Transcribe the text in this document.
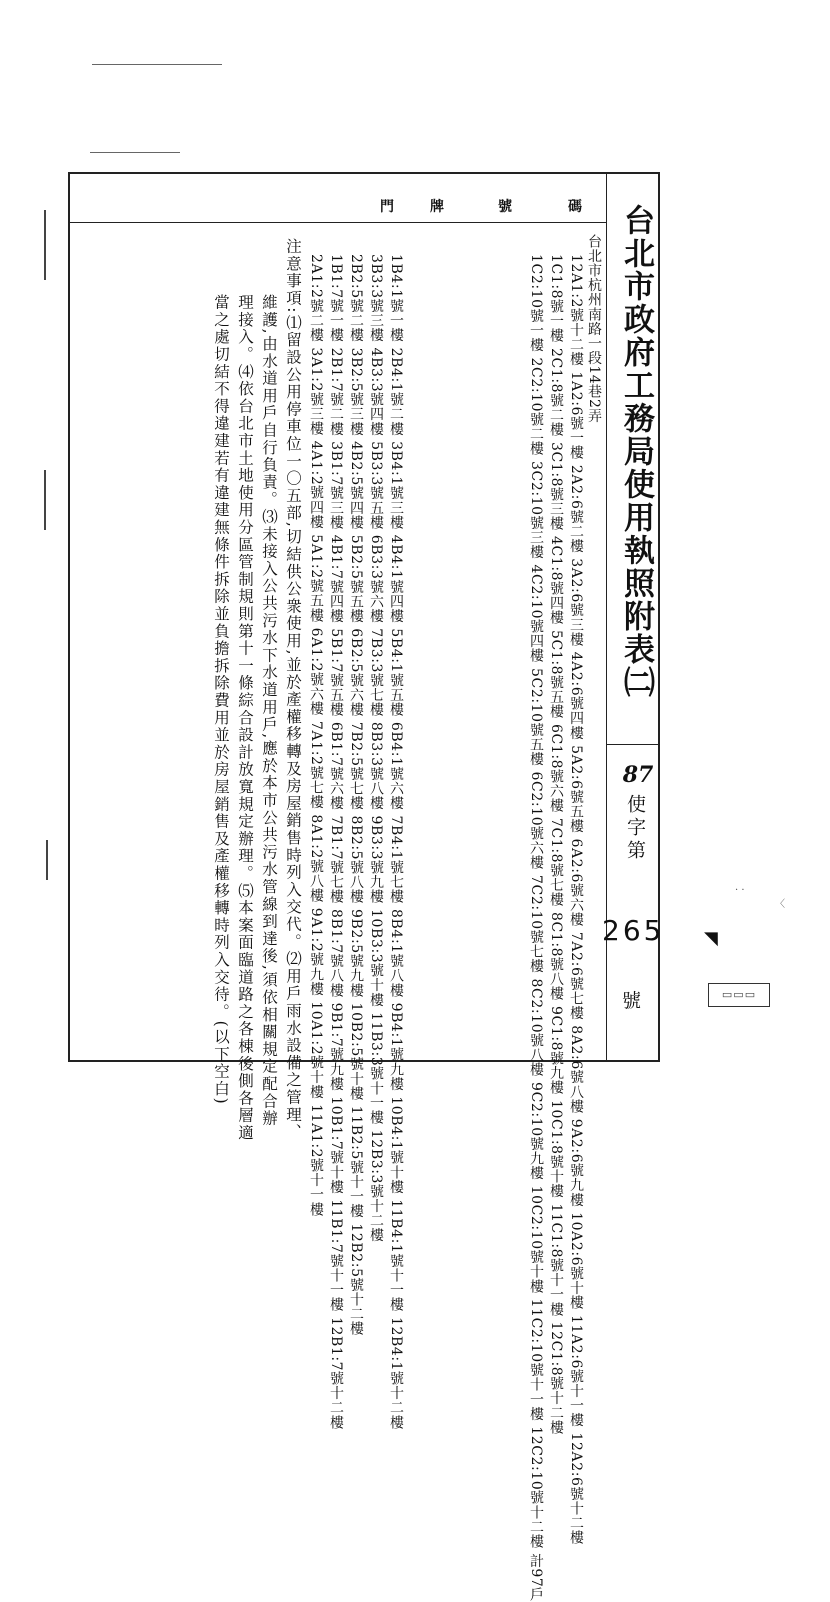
碼
號
牌
門	台北市政府工務局使用執照附表㈡
87
使字第
265
號
台北市杭州南路一段14巷2弄
1B4:1號一樓 2B4:1號二樓 3B4:1號三樓 4B4:1號四樓 5B4:1號五樓 6B4:1號六樓 7B4:1號七樓 8B4:1號八樓 9B4:1號九樓 10B4:1號十樓 11B4:1號十一樓 12B4:1號十二樓
3B3:3號三樓 4B3:3號四樓 5B3:3號五樓 6B3:3號六樓 7B3:3號七樓 8B3:3號八樓 9B3:3號九樓 10B3:3號十樓 11B3:3號十一樓 12B3:3號十二樓
2B2:5號二樓 3B2:5號三樓 4B2:5號四樓 5B2:5號五樓 6B2:5號六樓 7B2:5號七樓 8B2:5號八樓 9B2:5號九樓 10B2:5號十樓 11B2:5號十一樓 12B2:5號十二樓
1B1:7號一樓 2B1:7號二樓 3B1:7號三樓 4B1:7號四樓 5B1:7號五樓 6B1:7號六樓 7B1:7號七樓 8B1:7號八樓 9B1:7號九樓 10B1:7號十樓 11B1:7號十一樓 12B1:7號十二樓
2A1:2號二樓 3A1:2號三樓 4A1:2號四樓 5A1:2號五樓 6A1:2號六樓 7A1:2號七樓 8A1:2號八樓 9A1:2號九樓 10A1:2號十樓 11A1:2號十一樓	12A1:2號十二樓 1A2:6號一樓 2A2:6號二樓 3A2:6號三樓 4A2:6號四樓 5A2:6號五樓 6A2:6號六樓 7A2:6號七樓 8A2:6號八樓 9A2:6號九樓 10A2:6號十樓 11A2:6號十一樓 12A2:6號十二樓
1C1:8號一樓 2C1:8號二樓 3C1:8號三樓 4C1:8號四樓 5C1:8號五樓 6C1:8號六樓 7C1:8號七樓 8C1:8號八樓 9C1:8號九樓 10C1:8號十樓 11C1:8號十一樓 12C1:8號十二樓
1C2:10號一樓 2C2:10號二樓 3C2:10號三樓 4C2:10號四樓 5C2:10號五樓 6C2:10號六樓 7C2:10號七樓 8C2:10號八樓 9C2:10號九樓 10C2:10號十樓 11C2:10號十一樓 12C2:10號十二樓 計97戶
注意事項:⑴留設公用停車位一〇五部,切結供公衆使用,並於產權移轉及房屋銷售時列入交代。⑵用戶雨水設備之管理、
維護,由水道用戶自行負責。⑶未接入公共污水下水道用戶,應於本市公共污水管線到達後,須依相關規定配合辦
理接入。⑷依台北市土地使用分區管制規則第十一條綜合設計放寬規定辦理。⑸本案面臨道路之各棟後側各層適
當之處切結不得違建若有違建無條件拆除並負擔拆除費用並於房屋銷售及產權移轉時列入交待。(以下空白)	◥
▭▭▭
· ·
〈
